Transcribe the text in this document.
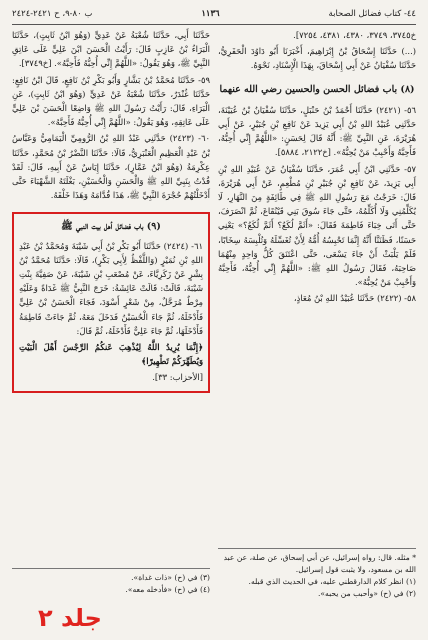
٤٤- كتاب فضائل الصحابة
١١٣٦
ب ٨٠-٩، ح ٢٤٢١-٢٤٢٤

خ٣٧٤٥، ٣٧٤٩، ٤٣٨٠، ٤٣٨١، ٧٢٥٤].

(...) حَدَّثَنَا إِسْحَاقُ بْنُ إِبْرَاهِيمَ، أَخْبَرَنَا أَبُو دَاوُدَ الْحَفَرِيُّ، حَدَّثَنَا سُفْيَانُ عَنْ أَبِي إِسْحَاقَ، بِهَذَا الْإِسْنَادِ، نَحْوَهُ.

(٨) باب فضائل الحسن والحسين رضي الله عنهما

٥٦- (٢٤٢١) حَدَّثَنَا أَحْمَدُ بْنُ حَنْبَلٍ، حَدَّثَنَا سُفْيَانُ بْنُ عُيَيْنَةَ، حَدَّثَنِي عُبَيْدُ اللهِ بْنُ أَبِي يَزِيدَ عَنْ نَافِعِ بْنِ جُبَيْرٍ، عَنْ أَبِي هُرَيْرَةَ، عَنِ النَّبِيِّ ﷺ: أَنَّهُ قَالَ لِحَسَنٍ: «اللَّهُمَّ إِنِّي أُحِبُّهُ، فَأَحِبَّهُ وَأَحْبِبْ مَنْ يُحِبُّهُ». [خ٢١٢٢، ٥٨٨٤].

٥٧- حَدَّثَنِي ابْنُ أَبِي عُمَرَ، حَدَّثَنَا سُفْيَانُ عَنْ عُبَيْدِ اللهِ بْنِ أَبِي يَزِيدَ، عَنْ نَافِعِ بْنِ جُبَيْرِ بْنِ مُطْعِمٍ، عَنْ أَبِي هُرَيْرَةَ، قَالَ: خَرَجْتُ مَعَ رَسُولِ اللهِ ﷺ فِي طَائِفَةٍ مِنَ النَّهَارِ، لَا يُكَلِّمُنِي وَلَا أُكَلِّمُهُ، حَتَّى جَاءَ سُوقَ بَنِي قَيْنُقَاعَ، ثُمَّ انْصَرَفَ، حَتَّى أَتَى خِبَاءَ فَاطِمَةَ فَقَالَ: «أَثَمَّ لُكَعُ؟ أَثَمَّ لُكَعُ؟» يَعْنِي حَسَنًا، فَظَنَنَّا أَنَّهُ إِنَّمَا تَحْبِسُهُ أُمُّهُ لِأَنْ تُغَسِّلَهُ وَتُلْبِسَهُ سِخَابًا، فَلَمْ يَلْبَثْ أَنْ جَاءَ يَسْعَى، حَتَّى اعْتَنَقَ كُلُّ وَاحِدٍ مِنْهُمَا صَاحِبَهُ، فَقَالَ رَسُولُ اللهِ ﷺ: «اللَّهُمَّ إِنِّي أُحِبُّهُ، فَأَحِبَّهُ وَأَحْبِبْ مَنْ يُحِبُّهُ».

٥٨- (٢٤٢٢) حَدَّثَنَا عُبَيْدُ اللهِ بْنُ مُعَاذٍ،

* مثله. قال: رواه إسرائيل، عن أبي إسحاق، عن صلة، عن عبد الله بن مسعود، ولا يثبت قول إسرائيل.
(١) انظر كلام الدارقطني عليه، في الحديث الذي قبله.
(٢) في (ح) «وأحبب من يحبه».

حَدَّثَنَا أَبِي، حَدَّثَنَا شُعْبَةُ عَنْ عَدِيٍّ (وَهُوَ ابْنُ ثَابِتٍ)، حَدَّثَنَا الْبَرَاءُ بْنُ عَازِبٍ قَالَ: رَأَيْتُ الْحَسَنَ ابْنَ عَلِيٍّ عَلَى عَاتِقِ النَّبِيِّ ﷺ، وَهُوَ يَقُولُ: «اللَّهُمَّ إِنِّي أُحِبُّهُ فَأَحِبَّهُ». [خ٣٧٤٩].

٥٩- حَدَّثَنَا مُحَمَّدُ بْنُ بَشَّارٍ وَأَبُو بَكْرِ بْنُ نَافِعٍ، قَالَ ابْنُ نَافِعٍ: حَدَّثَنَا غُنْدَرٌ، حَدَّثَنَا شُعْبَةُ عَنْ عَدِيٍّ (وَهُوَ ابْنُ ثَابِتٍ)، عَنِ الْبَرَاءِ، قَالَ: رَأَيْتُ رَسُولَ اللهِ ﷺ وَاضِعًا الْحَسَنَ بْنَ عَلِيٍّ عَلَى عَاتِقِهِ، وَهُوَ يَقُولُ: «اللَّهُمَّ إِنِّي أُحِبُّهُ فَأَحِبَّهُ».

٦٠- (٢٤٢٣) حَدَّثَنِي عَبْدُ اللهِ بْنُ الرُّومِيِّ الْيَمَامِيُّ وَعَبَّاسُ بْنُ عَبْدِ الْعَظِيمِ الْعَنْبَرِيُّ، قَالَا: حَدَّثَنَا النَّضْرُ بْنُ مُحَمَّدٍ، حَدَّثَنَا عِكْرِمَةُ (وَهُوَ ابْنُ عَمَّارٍ)، حَدَّثَنَا إِيَاسٌ عَنْ أَبِيهِ، قَالَ: لَقَدْ قُدْتُ بِنَبِيِّ اللهِ ﷺ وَالْحَسَنِ وَالْحُسَيْنِ، بَغْلَتَهُ الشَّهْبَاءَ حَتَّى أَدْخَلْتُهُمْ حُجْرَةَ النَّبِيِّ ﷺ، هَذَا قُدَّامَهُ وَهَذَا خَلْفَهُ.

(٩) باب فضائل أهل بيت النبي ﷺ

٦١- (٢٤٢٤) حَدَّثَنَا أَبُو بَكْرِ بْنُ أَبِي شَيْبَةَ وَمُحَمَّدُ بْنُ عَبْدِ اللهِ بْنِ نُمَيْرٍ (وَاللَّفْظُ لِأَبِي بَكْرٍ)، قَالَا: حَدَّثَنَا مُحَمَّدُ بْنُ بِشْرٍ عَنْ زَكَرِيَّاءَ، عَنْ مُصْعَبِ بْنِ شَيْبَةَ، عَنْ صَفِيَّةَ بِنْتِ شَيْبَةَ، قَالَتْ: قَالَتْ عَائِشَةُ: خَرَجَ النَّبِيُّ ﷺ غَدَاةً وَعَلَيْهِ مِرْطٌ مُرَحَّلٌ، مِنْ شَعْرٍ أَسْوَدَ، فَجَاءَ الْحَسَنُ بْنُ عَلِيٍّ فَأَدْخَلَهُ، ثُمَّ جَاءَ الْحُسَيْنُ فَدَخَلَ مَعَهُ، ثُمَّ جَاءَتْ فَاطِمَةُ فَأَدْخَلَهَا، ثُمَّ جَاءَ عَلِيٌّ فَأَدْخَلَهُ، ثُمَّ قَالَ:

﴿إِنَّمَا يُرِيدُ اللَّهُ لِيُذْهِبَ عَنكُمُ الرِّجْسَ أَهْلَ الْبَيْتِ وَيُطَهِّرَكُمْ تَطْهِيرًا﴾

[الأحزاب: ٣٣].

(٣) في (ح) «ذات غداة».
(٤) في (ح) «فأدخله معه».
جلد ٢
